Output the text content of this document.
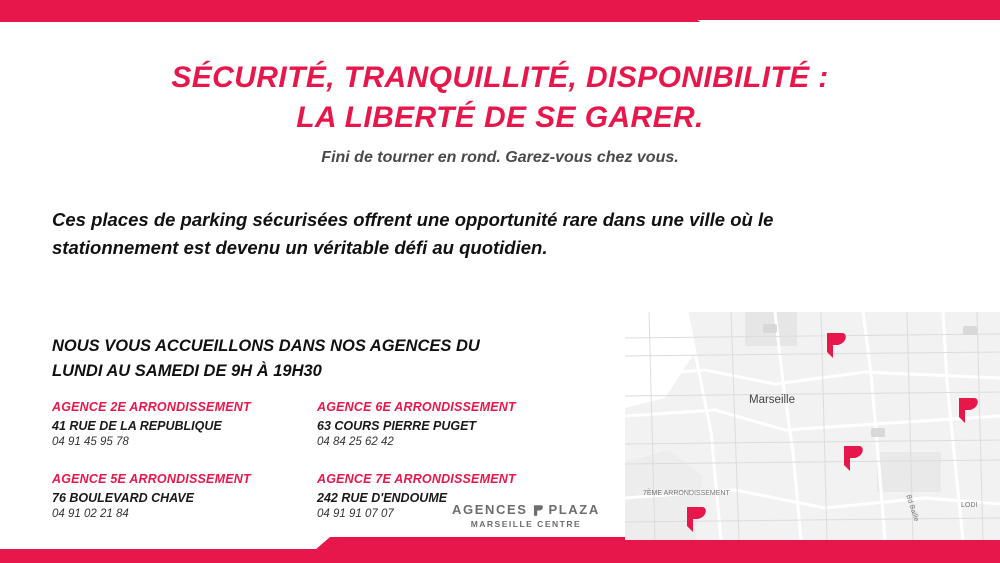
SÉCURITÉ, TRANQUILLITÉ, DISPONIBILITÉ :
LA LIBERTÉ DE SE GARER.
Fini de tourner en rond. Garez-vous chez vous.
Ces places de parking sécurisées offrent une opportunité rare dans une ville où le
stationnement est devenu un véritable défi au quotidien.
NOUS VOUS ACCUEILLONS DANS NOS AGENCES DU
LUNDI AU SAMEDI DE 9H À 19H30
AGENCE 2E ARRONDISSEMENT
41 RUE DE LA REPUBLIQUE
04 91 45 95 78
AGENCE 6E ARRONDISSEMENT
63 COURS PIERRE PUGET
04 84 25 62 42
AGENCE 5E ARRONDISSEMENT
76 BOULEVARD CHAVE
04 91 02 21 84
AGENCE 7E ARRONDISSEMENT
242 RUE D'ENDOUME
04 91 91 07 07	AGENCES PLAZA
MARSEILLE CENTRE
Marseille
7ÈME ARRONDISSEMENT
LODI
Bd Baille
